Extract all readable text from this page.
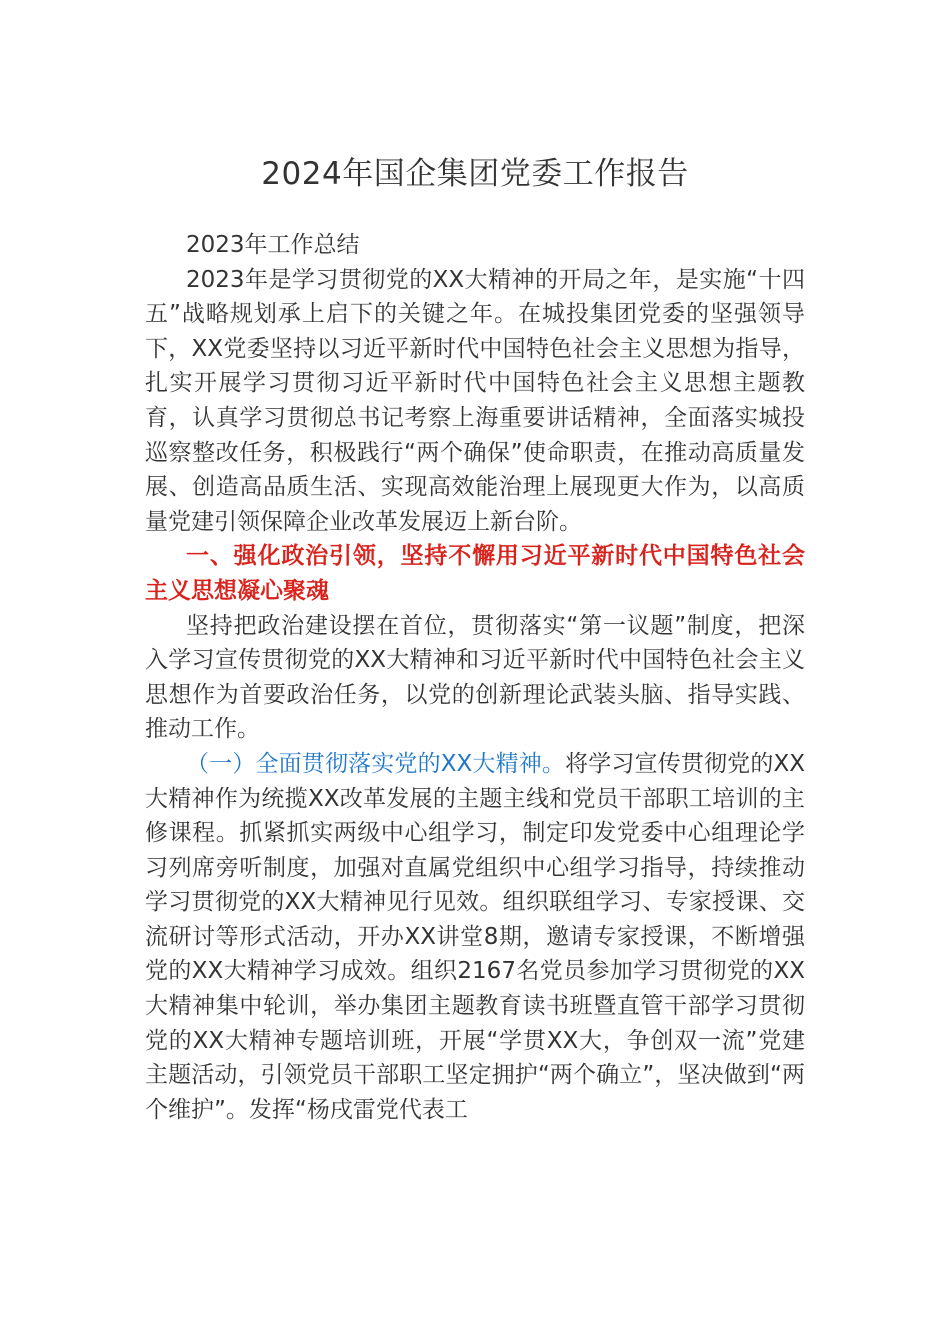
2024年国企集团党委工作报告

2023年工作总结

2023年是学习贯彻党的XX大精神的开局之年，是实施“十四五”战略规划承上启下的关键之年。在城投集团党委的坚强领导下，XX党委坚持以习近平新时代中国特色社会主义思想为指导，扎实开展学习贯彻习近平新时代中国特色社会主义思想主题教育，认真学习贯彻总书记考察上海重要讲话精神，全面落实城投巡察整改任务，积极践行“两个确保”使命职责，在推动高质量发展、创造高品质生活、实现高效能治理上展现更大作为，以高质量党建引领保障企业改革发展迈上新台阶。

一、强化政治引领，坚持不懈用习近平新时代中国特色社会主义思想凝心聚魂

坚持把政治建设摆在首位，贯彻落实“第一议题”制度，把深入学习宣传贯彻党的XX大精神和习近平新时代中国特色社会主义思想作为首要政治任务，以党的创新理论武装头脑、指导实践、推动工作。

（一）全面贯彻落实党的XX大精神。将学习宣传贯彻党的XX大精神作为统揽XX改革发展的主题主线和党员干部职工培训的主修课程。抓紧抓实两级中心组学习，制定印发党委中心组理论学习列席旁听制度，加强对直属党组织中心组学习指导，持续推动学习贯彻党的XX大精神见行见效。组织联组学习、专家授课、交流研讨等形式活动，开办XX讲堂8期，邀请专家授课，不断增强党的XX大精神学习成效。组织2167名党员参加学习贯彻党的XX大精神集中轮训，举办集团主题教育读书班暨直管干部学习贯彻党的XX大精神专题培训班，开展“学贯XX大，争创双一流”党建主题活动，引领党员干部职工坚定拥护“两个确立”，坚决做到“两个维护”。发挥“杨戌雷党代表工
